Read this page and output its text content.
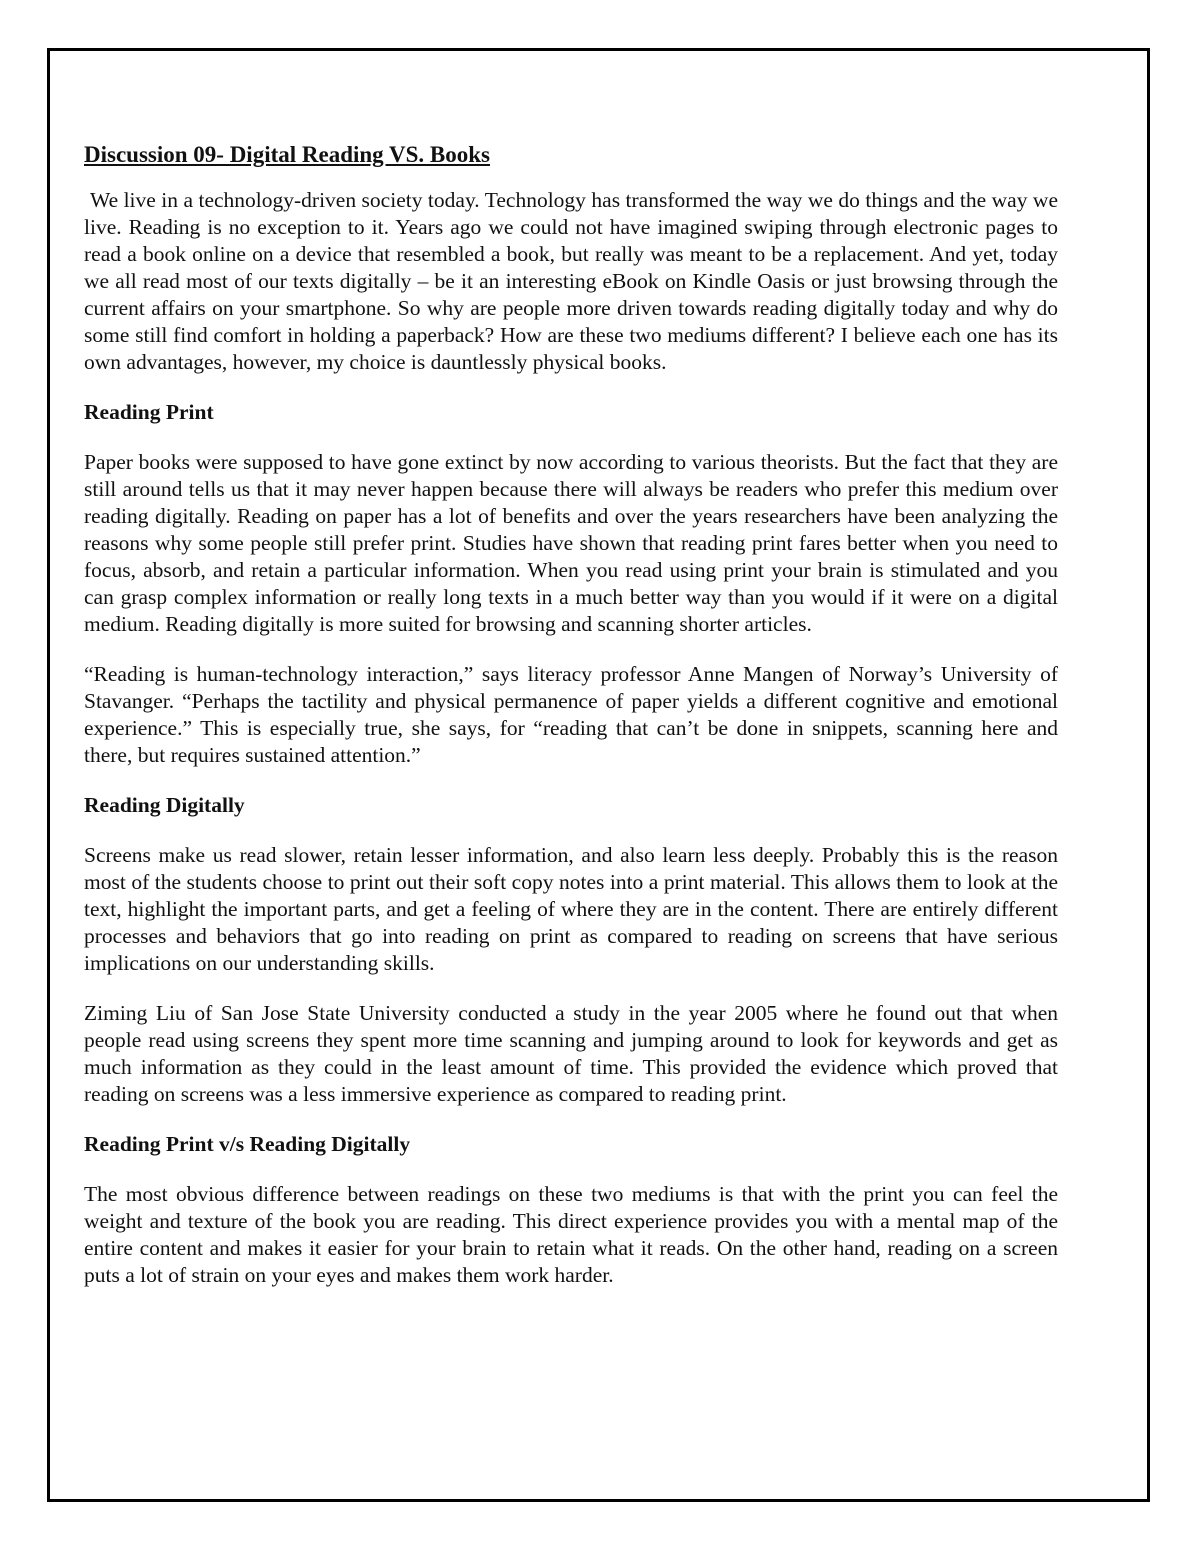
Discussion 09- Digital Reading VS. Books

We live in a technology-driven society today. Technology has transformed the way we do things and the way we live. Reading is no exception to it. Years ago we could not have imagined swiping through electronic pages to read a book online on a device that resembled a book, but really was meant to be a replacement. And yet, today we all read most of our texts digitally – be it an interesting eBook on Kindle Oasis or just browsing through the current affairs on your smartphone. So why are people more driven towards reading digitally today and why do some still find comfort in holding a paperback? How are these two mediums different? I believe each one has its own advantages, however, my choice is dauntlessly physical books.

Reading Print

Paper books were supposed to have gone extinct by now according to various theorists. But the fact that they are still around tells us that it may never happen because there will always be readers who prefer this medium over reading digitally. Reading on paper has a lot of benefits and over the years researchers have been analyzing the reasons why some people still prefer print. Studies have shown that reading print fares better when you need to focus, absorb, and retain a particular information. When you read using print your brain is stimulated and you can grasp complex information or really long texts in a much better way than you would if it were on a digital medium. Reading digitally is more suited for browsing and scanning shorter articles.

“Reading is human-technology interaction,” says literacy professor Anne Mangen of Norway’s University of Stavanger. “Perhaps the tactility and physical permanence of paper yields a different cognitive and emotional experience.” This is especially true, she says, for “reading that can’t be done in snippets, scanning here and there, but requires sustained attention.”

Reading Digitally

Screens make us read slower, retain lesser information, and also learn less deeply. Probably this is the reason most of the students choose to print out their soft copy notes into a print material. This allows them to look at the text, highlight the important parts, and get a feeling of where they are in the content. There are entirely different processes and behaviors that go into reading on print as compared to reading on screens that have serious implications on our understanding skills.

Ziming Liu of San Jose State University conducted a study in the year 2005 where he found out that when people read using screens they spent more time scanning and jumping around to look for keywords and get as much information as they could in the least amount of time. This provided the evidence which proved that reading on screens was a less immersive experience as compared to reading print.

Reading Print v/s Reading Digitally

The most obvious difference between readings on these two mediums is that with the print you can feel the weight and texture of the book you are reading. This direct experience provides you with a mental map of the entire content and makes it easier for your brain to retain what it reads. On the other hand, reading on a screen puts a lot of strain on your eyes and makes them work harder.
